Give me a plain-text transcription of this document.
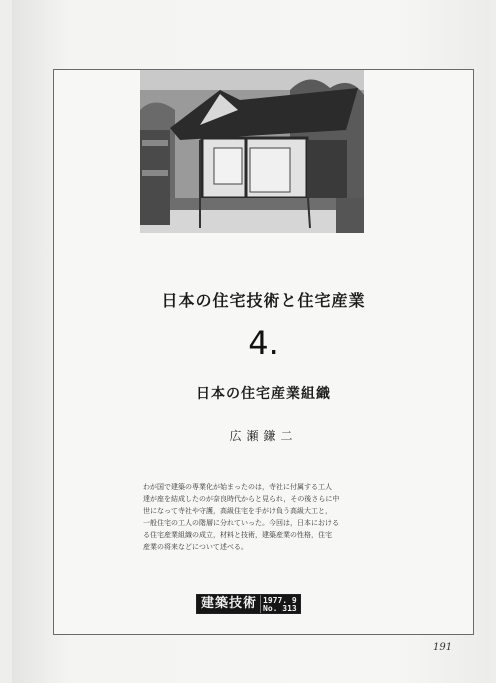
日本の住宅技術と住宅産業
4.
日本の住宅産業組織
広瀬鎌二
わが国で建築の専業化が始まったのは，寺社に付属する工人
達が座を結成したのが奈良時代からと見られ，その後さらに中
世になって寺社や守護，高級住宅を手がけ負う高級大工と，
一般住宅の工人の階層に分れていった。今回は，日本における
る住宅産業組織の成立，材料と技術，建築産業の性格，住宅
産業の将来などについて述べる。
建築技術 1977. 9
No. 313
191
